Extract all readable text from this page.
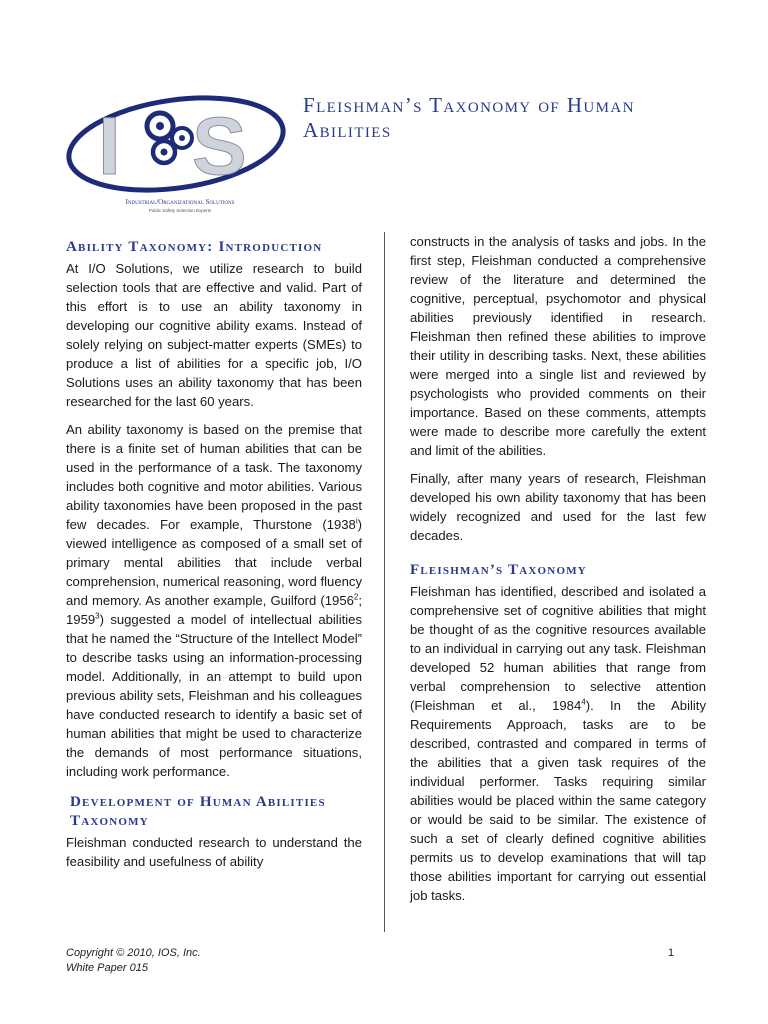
I S
Industrial/Organizational Solutions
Public Safety Selection Experts
Fleishman’s Taxonomy of Human Abilities
Ability Taxonomy: Introduction

At I/O Solutions, we utilize research to build selection tools that are effective and valid. Part of this effort is to use an ability taxonomy in developing our cognitive ability exams. Instead of solely relying on subject-matter experts (SMEs) to produce a list of abilities for a specific job, I/O Solutions uses an ability taxonomy that has been researched for the last 60 years.

An ability taxonomy is based on the premise that there is a finite set of human abilities that can be used in the performance of a task. The taxonomy includes both cognitive and motor abilities. Various ability taxonomies have been proposed in the past few decades. For example, Thurstone (1938$^i$) viewed intelligence as composed of a small set of primary mental abilities that include verbal comprehension, numerical reasoning, word fluency and memory. As another example, Guilford (1956$^2$; 1959$^3$) suggested a model of intellectual abilities that he named the “Structure of the Intellect Model” to describe tasks using an information-processing model. Additionally, in an attempt to build upon previous ability sets, Fleishman and his colleagues have conducted research to identify a basic set of human abilities that might be used to characterize the demands of most performance situations, including work performance.

Development of Human Abilities Taxonomy

Fleishman conducted research to understand the feasibility and usefulness of ability

constructs in the analysis of tasks and jobs. In the first step, Fleishman conducted a comprehensive review of the literature and determined the cognitive, perceptual, psychomotor and physical abilities previously identified in research. Fleishman then refined these abilities to improve their utility in describing tasks. Next, these abilities were merged into a single list and reviewed by psychologists who provided comments on their importance. Based on these comments, attempts were made to describe more carefully the extent and limit of the abilities.

Finally, after many years of research, Fleishman developed his own ability taxonomy that has been widely recognized and used for the last few decades.

Fleishman’s Taxonomy

Fleishman has identified, described and isolated a comprehensive set of cognitive abilities that might be thought of as the cognitive resources available to an individual in carrying out any task. Fleishman developed 52 human abilities that range from verbal comprehension to selective attention (Fleishman et al., 1984$^4$). In the Ability Requirements Approach, tasks are to be described, contrasted and compared in terms of the abilities that a given task requires of the individual performer. Tasks requiring similar abilities would be placed within the same category or would be said to be similar. The existence of such a set of clearly defined cognitive abilities permits us to develop examinations that will tap those abilities important for carrying out essential job tasks.

Copyright © 2010, IOS, Inc.
White Paper 015
1
